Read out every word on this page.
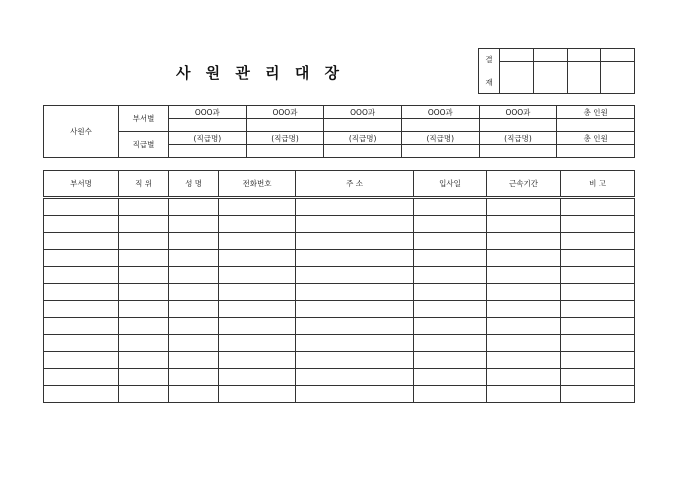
사 원 관 리 대 장
결
재				

사원수	부서별	OOO과	OOO과	OOO과	OOO과	OOO과	총 인원

	직급별	(직급명)	(직급명)	(직급명)	(직급명)	(직급명)	총 인원

부서명	직 위	성 명	전화번호	주 소	입사일	근속기간	비 고
